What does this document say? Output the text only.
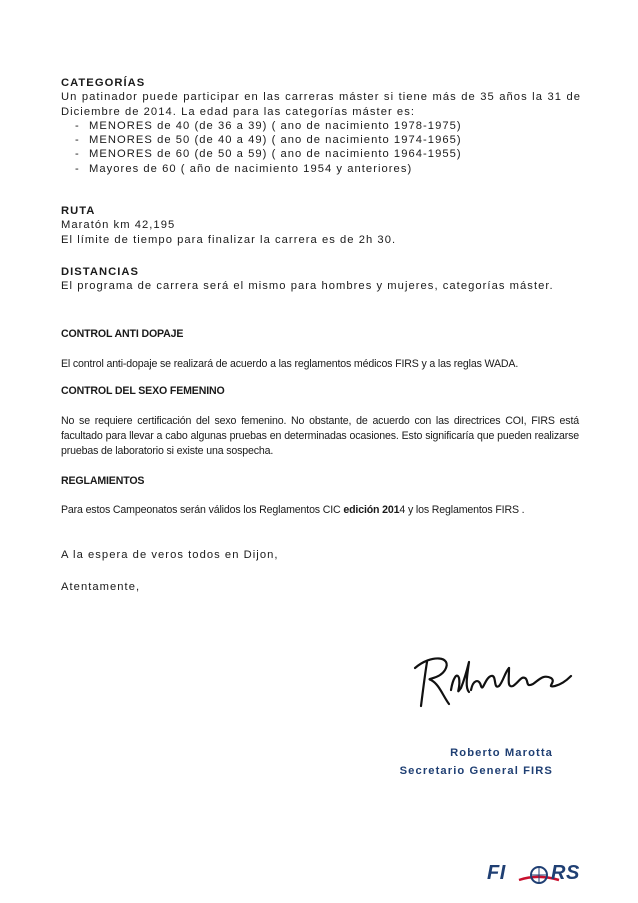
CATEGORÍAS
Un patinador puede participar en las carreras máster si tiene más de 35 años la 31 de Diciembre de 2014. La edad para las categorías máster es:
- MENORES de 40 (de 36 a 39) ( ano de nacimiento 1978-1975)
- MENORES de 50 (de 40 a 49) ( ano de nacimiento 1974-1965)
- MENORES de 60 (de 50 a 59) ( ano de nacimiento 1964-1955)
- Mayores de 60 ( año de nacimiento 1954 y anteriores)
RUTA
Maratón km 42,195
El límite de tiempo para finalizar la carrera es de 2h 30.
DISTANCIAS
El programa de carrera será el mismo para hombres y mujeres, categorías máster.
CONTROL ANTI DOPAJE
El control anti-dopaje se realizará de acuerdo a las reglamentos médicos FIRS y a las reglas WADA.
CONTROL DEL SEXO FEMENINO
No se requiere certificación del sexo femenino. No obstante, de acuerdo con las directrices COI, FIRS está facultado para llevar a cabo algunas pruebas en determinadas ocasiones. Esto significaría que pueden realizarse pruebas de laboratorio si existe una sospecha.
REGLAMIENTOS
Para estos Campeonatos serán válidos los Reglamentos CIC edición 2014 y los Reglamentos FIRS .
A la espera de veros todos en Dijon,
Atentamente,
Roberto Marotta
Secretario General FIRS
FI RS
